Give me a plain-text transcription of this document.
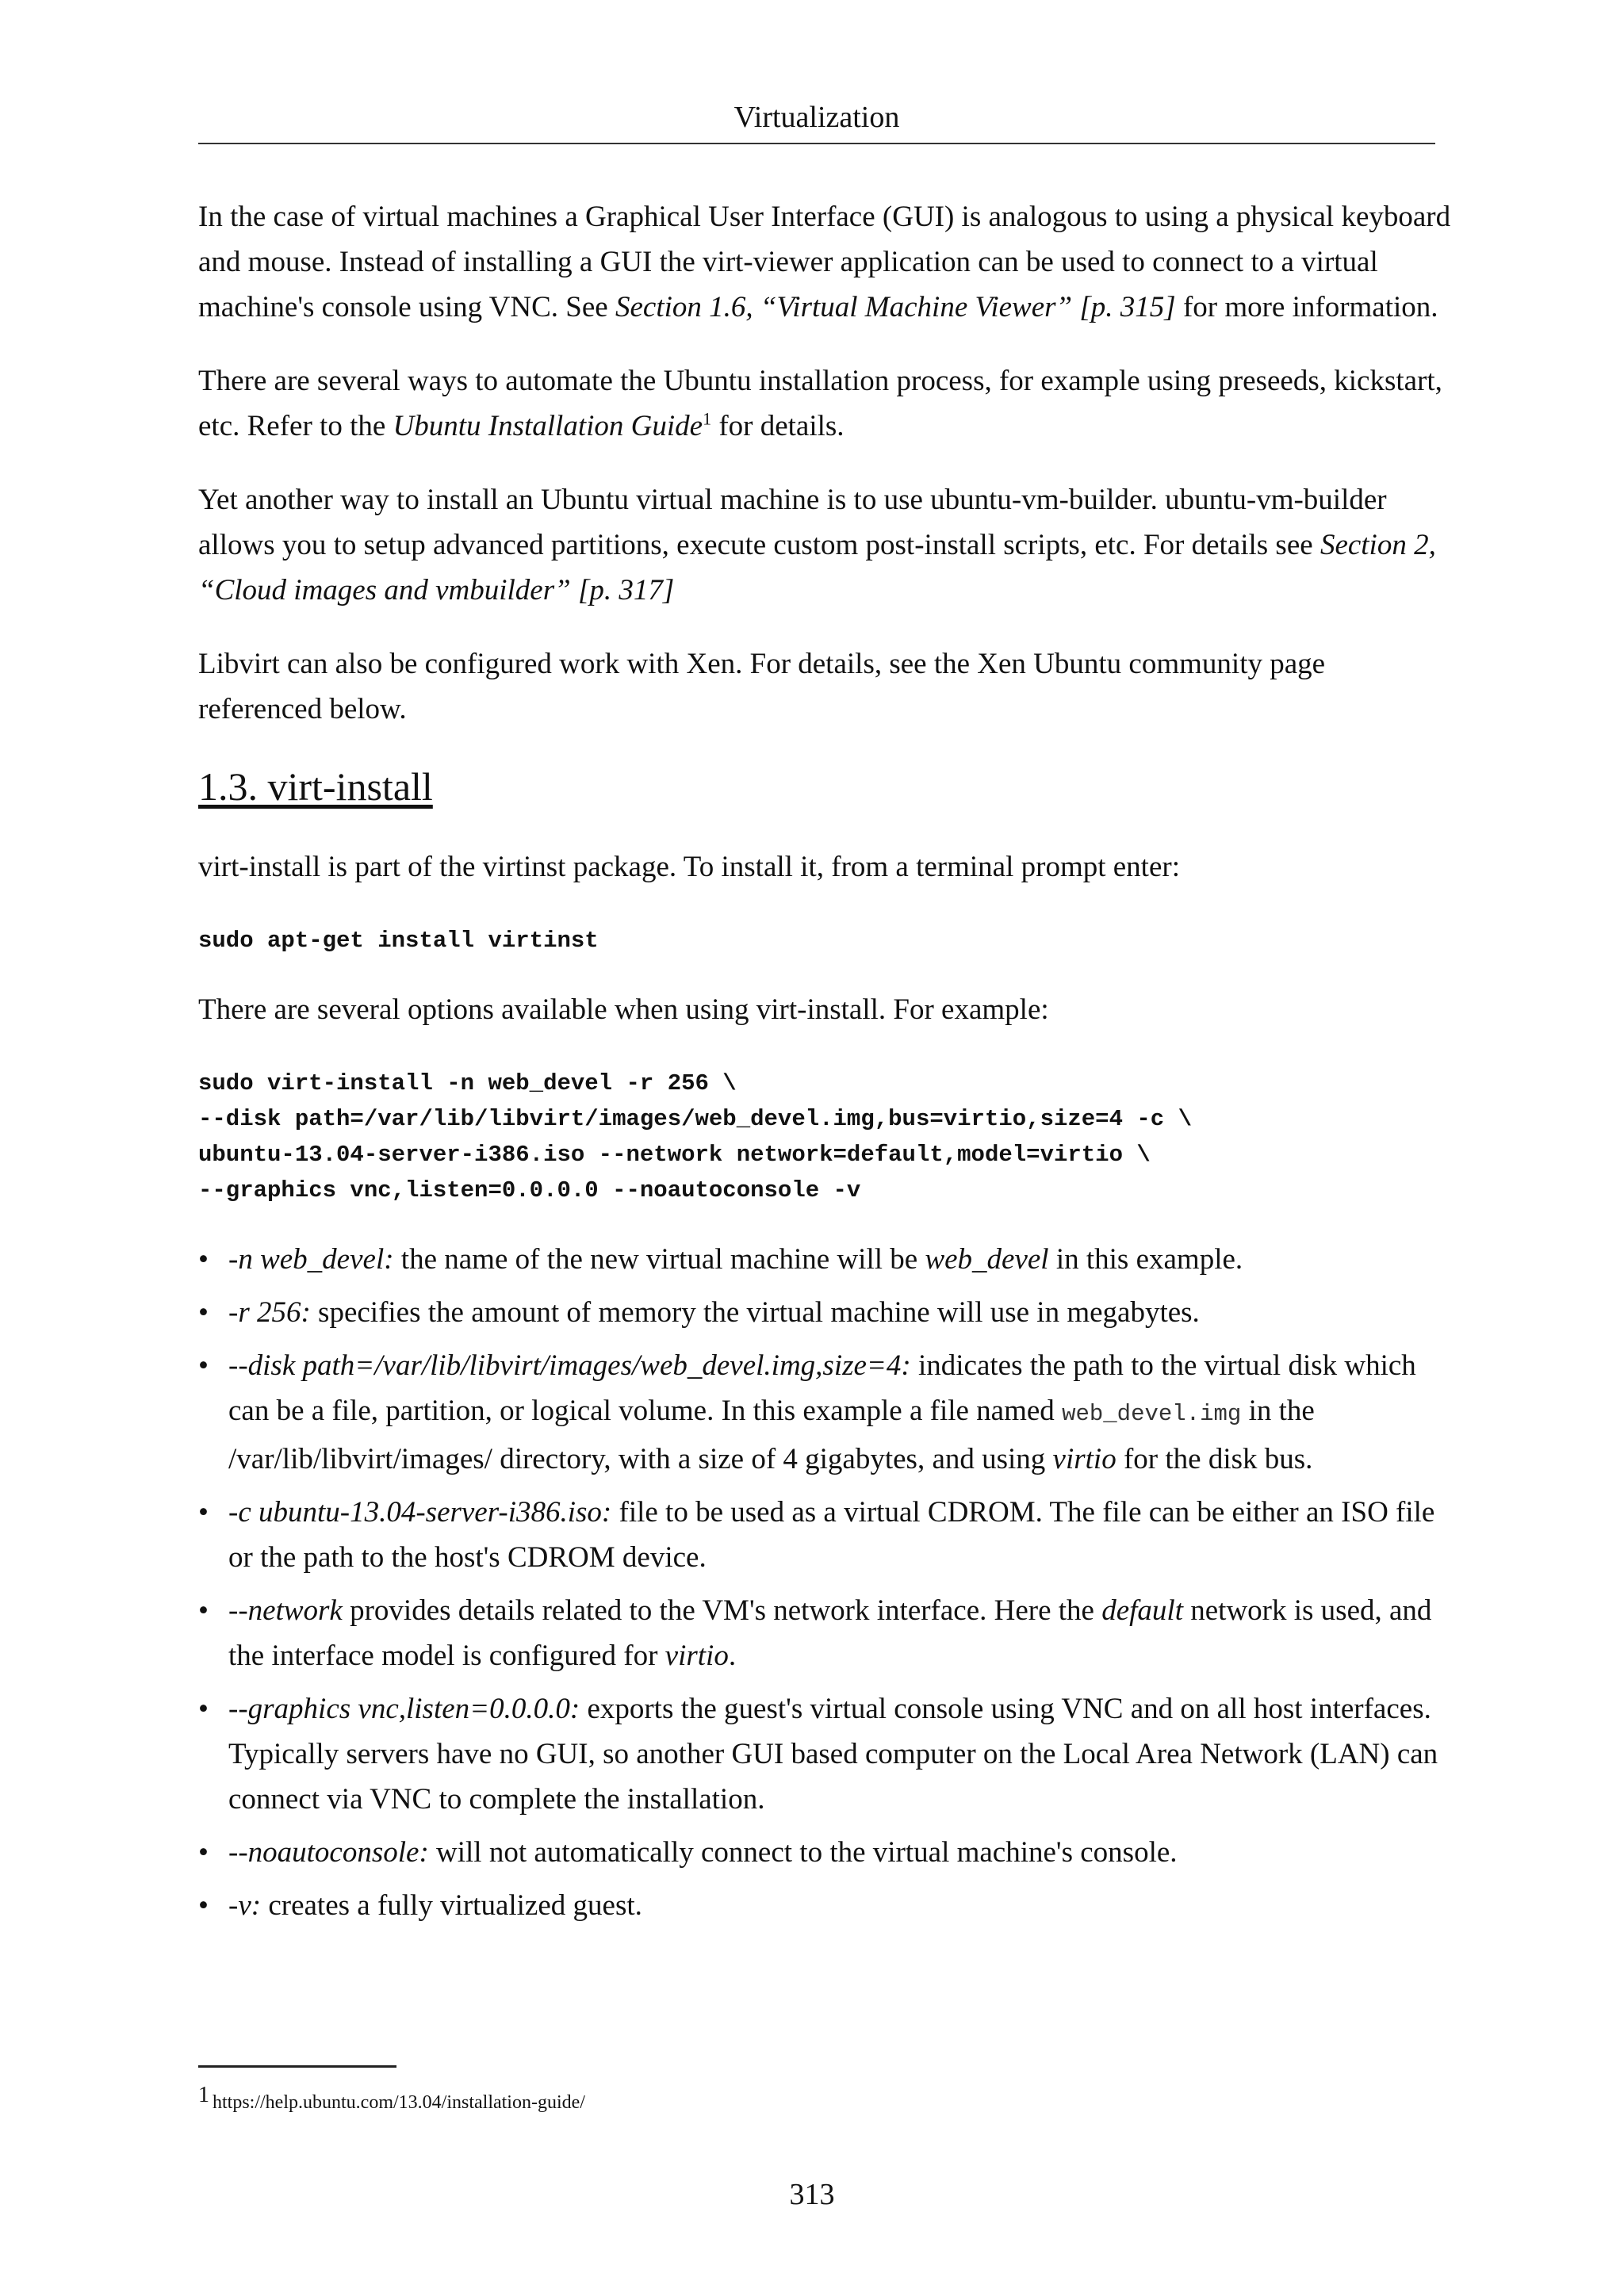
Virtualization

In the case of virtual machines a Graphical User Interface (GUI) is analogous to using a physical keyboard and mouse. Instead of installing a GUI the virt-viewer application can be used to connect to a virtual machine's console using VNC. See Section 1.6, “Virtual Machine Viewer” [p. 315] for more information.

There are several ways to automate the Ubuntu installation process, for example using preseeds, kickstart, etc. Refer to the Ubuntu Installation Guide$^1$ for details.

Yet another way to install an Ubuntu virtual machine is to use ubuntu-vm-builder. ubuntu-vm-builder allows you to setup advanced partitions, execute custom post-install scripts, etc. For details see Section 2, “Cloud images and vmbuilder” [p. 317]

Libvirt can also be configured work with Xen. For details, see the Xen Ubuntu community page referenced below.

1.3. virt-install

virt-install is part of the virtinst package. To install it, from a terminal prompt enter:

sudo apt-get install virtinst

There are several options available when using virt-install. For example:

sudo virt-install -n web_devel -r 256 \
--disk path=/var/lib/libvirt/images/web_devel.img,bus=virtio,size=4 -c \
ubuntu-13.04-server-i386.iso --network network=default,model=virtio \
--graphics vnc,listen=0.0.0.0 --noautoconsole -v
• -n web_devel: the name of the new virtual machine will be web_devel in this example.
• -r 256: specifies the amount of memory the virtual machine will use in megabytes.
• --disk path=/var/lib/libvirt/images/web_devel.img,size=4: indicates the path to the virtual disk which can be a file, partition, or logical volume. In this example a file named web_devel.img in the /var/lib/libvirt/images/ directory, with a size of 4 gigabytes, and using virtio for the disk bus.
• -c ubuntu-13.04-server-i386.iso: file to be used as a virtual CDROM. The file can be either an ISO file or the path to the host's CDROM device.
• --network provides details related to the VM's network interface. Here the default network is used, and the interface model is configured for virtio.
• --graphics vnc,listen=0.0.0.0: exports the guest's virtual console using VNC and on all host interfaces. Typically servers have no GUI, so another GUI based computer on the Local Area Network (LAN) can connect via VNC to complete the installation.
• --noautoconsole: will not automatically connect to the virtual machine's console.
• -v: creates a fully virtualized guest.
$^1$ https://help.ubuntu.com/13.04/installation-guide/
313
